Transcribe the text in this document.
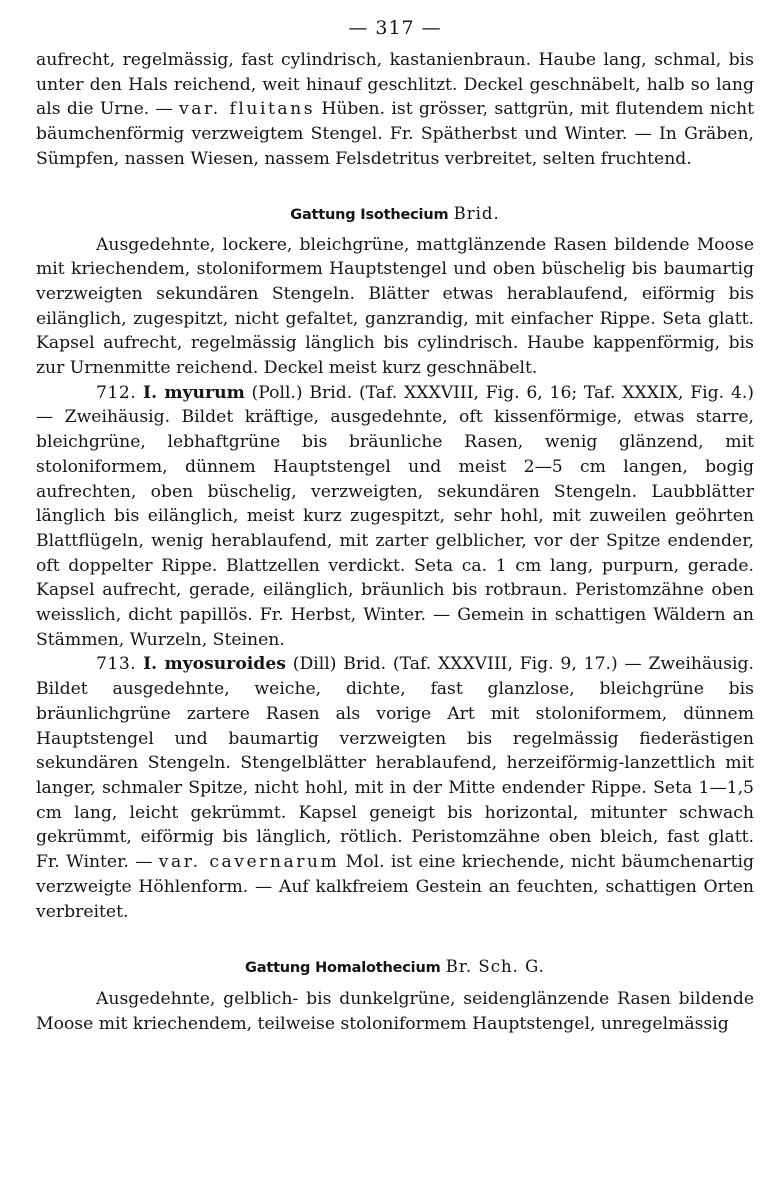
— 317 —

aufrecht, regelmässig, fast cylindrisch, kastanienbraun. Haube lang, schmal, bis unter den Hals reichend, weit hinauf geschlitzt. Deckel geschnäbelt, halb so lang als die Urne. — var. fluitans Hüben. ist grösser, sattgrün, mit flutendem nicht bäumchenförmig verzweigtem Stengel. Fr. Spätherbst und Winter. — In Gräben, Sümpfen, nassen Wiesen, nassem Felsdetritus verbreitet, selten fruchtend.

Gattung Isothecium Brid.

Ausgedehnte, lockere, bleichgrüne, mattglänzende Rasen bildende Moose mit kriechendem, stoloniformem Hauptstengel und oben büschelig bis baumartig verzweigten sekundären Stengeln. Blätter etwas herablaufend, eiförmig bis eilänglich, zugespitzt, nicht gefaltet, ganzrandig, mit einfacher Rippe. Seta glatt. Kapsel aufrecht, regelmässig länglich bis cylindrisch. Haube kappenförmig, bis zur Urnenmitte reichend. Deckel meist kurz geschnäbelt.

712. I. myurum (Poll.) Brid. (Taf. XXXVIII, Fig. 6, 16; Taf. XXXIX, Fig. 4.) — Zweihäusig. Bildet kräftige, ausgedehnte, oft kissenförmige, etwas starre, bleichgrüne, lebhaftgrüne bis bräunliche Rasen, wenig glänzend, mit stoloniformem, dünnem Hauptstengel und meist 2—5 cm langen, bogig aufrechten, oben büschelig, verzweigten, sekundären Stengeln. Laubblätter länglich bis eilänglich, meist kurz zugespitzt, sehr hohl, mit zuweilen geöhrten Blattflügeln, wenig herablaufend, mit zarter gelblicher, vor der Spitze endender, oft doppelter Rippe. Blattzellen verdickt. Seta ca. 1 cm lang, purpurn, gerade. Kapsel aufrecht, gerade, eilänglich, bräunlich bis rotbraun. Peristomzähne oben weisslich, dicht papillös. Fr. Herbst, Winter. — Gemein in schattigen Wäldern an Stämmen, Wurzeln, Steinen.

713. I. myosuroides (Dill) Brid. (Taf. XXXVIII, Fig. 9, 17.) — Zweihäusig. Bildet ausgedehnte, weiche, dichte, fast glanzlose, bleichgrüne bis bräunlichgrüne zartere Rasen als vorige Art mit stoloniformem, dünnem Hauptstengel und baumartig verzweigten bis regelmässig fiederästigen sekundären Stengeln. Stengelblätter herablaufend, herzeiförmig-lanzettlich mit langer, schmaler Spitze, nicht hohl, mit in der Mitte endender Rippe. Seta 1—1,5 cm lang, leicht gekrümmt. Kapsel geneigt bis horizontal, mitunter schwach gekrümmt, eiförmig bis länglich, rötlich. Peristomzähne oben bleich, fast glatt. Fr. Winter. — var. cavernarum Mol. ist eine kriechende, nicht bäumchenartig verzweigte Höhlenform. — Auf kalkfreiem Gestein an feuchten, schattigen Orten verbreitet.

Gattung Homalothecium Br. Sch. G.

Ausgedehnte, gelblich- bis dunkelgrüne, seidenglänzende Rasen bildende Moose mit kriechendem, teilweise stoloniformem Hauptstengel, unregelmässig
